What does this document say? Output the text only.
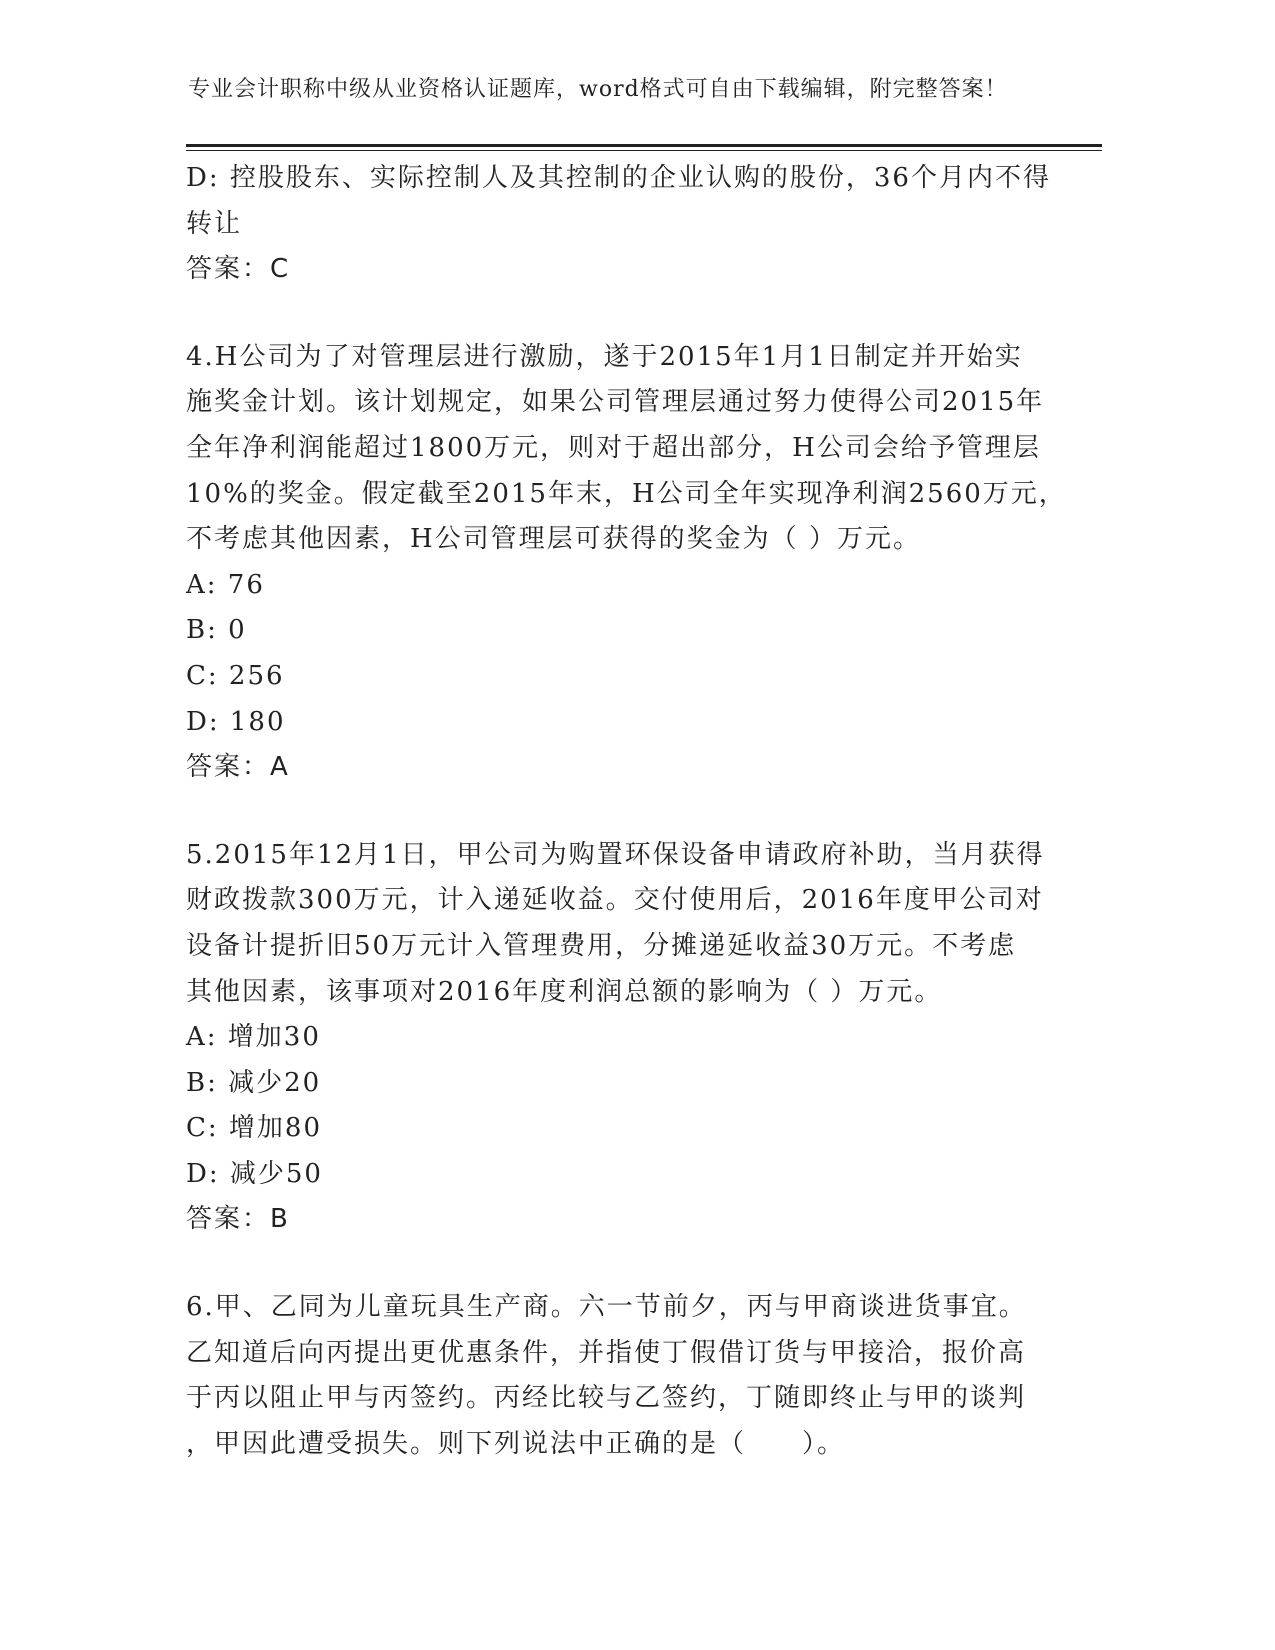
专业会计职称中级从业资格认证题库，word格式可自由下载编辑，附完整答案！
D: 控股股东、实际控制人及其控制的企业认购的股份，36个月内不得
转让
答案：C
4.H公司为了对管理层进行激励，遂于2015年1月1日制定并开始实
施奖金计划。该计划规定，如果公司管理层通过努力使得公司2015年
全年净利润能超过1800万元，则对于超出部分，H公司会给予管理层
10%的奖金。假定截至2015年末，H公司全年实现净利润2560万元，
不考虑其他因素，H公司管理层可获得的奖金为（ ）万元。
A: 76
B: 0
C: 256
D: 180
答案：A
5.2015年12月1日，甲公司为购置环保设备申请政府补助，当月获得
财政拨款300万元，计入递延收益。交付使用后，2016年度甲公司对
设备计提折旧50万元计入管理费用，分摊递延收益30万元。不考虑
其他因素，该事项对2016年度利润总额的影响为（ ）万元。
A: 增加30
B: 减少20
C: 增加80
D: 减少50
答案：B
6.甲、乙同为儿童玩具生产商。六一节前夕，丙与甲商谈进货事宜。
乙知道后向丙提出更优惠条件，并指使丁假借订货与甲接洽，报价高
于丙以阻止甲与丙签约。丙经比较与乙签约，丁随即终止与甲的谈判
，甲因此遭受损失。则下列说法中正确的是（　　）。
